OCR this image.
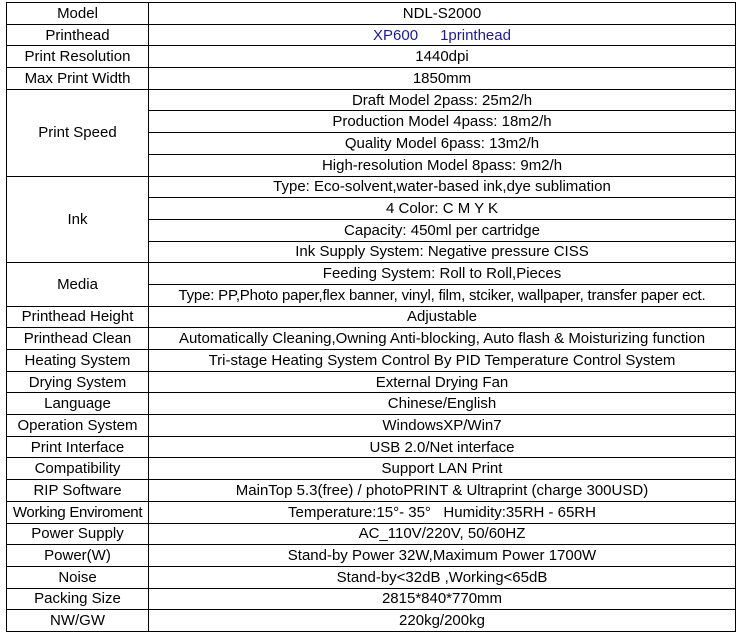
Model	NDL-S2000
Printhead	XP600 1printhead
Print Resolution	1440dpi
Max Print Width	1850mm
Print Speed	Draft Model 2pass: 25m2/h
	Production Model 4pass: 18m2/h
	Quality Model 6pass: 13m2/h
	High-resolution Model 8pass: 9m2/h
Ink	Type: Eco-solvent,water-based ink,dye sublimation
	4 Color: C M Y K
	Capacity: 450ml per cartridge
	Ink Supply System: Negative pressure CISS
Media	Feeding System: Roll to Roll,Pieces
	Type: PP,Photo paper,flex banner, vinyl, film, stciker, wallpaper, transfer paper ect.
Printhead Height	Adjustable
Printhead Clean	Automatically Cleaning,Owning Anti-blocking, Auto flash & Moisturizing function
Heating System	Tri-stage Heating System Control By PID Temperature Control System
Drying System	External Drying Fan
Language	Chinese/English
Operation System	WindowsXP/Win7
Print Interface	USB 2.0/Net interface
Compatibility	Support LAN Print
RIP Software	MainTop 5.3(free) / photoPRINT & Ultraprint (charge 300USD)
Working Enviroment	Temperature:15°- 35°   Humidity:35RH - 65RH
Power Supply	AC_110V/220V, 50/60HZ
Power(W)	Stand-by Power 32W,Maximum Power 1700W
Noise	Stand-by<32dB ,Working<65dB
Packing Size	2815*840*770mm
NW/GW	220kg/200kg
